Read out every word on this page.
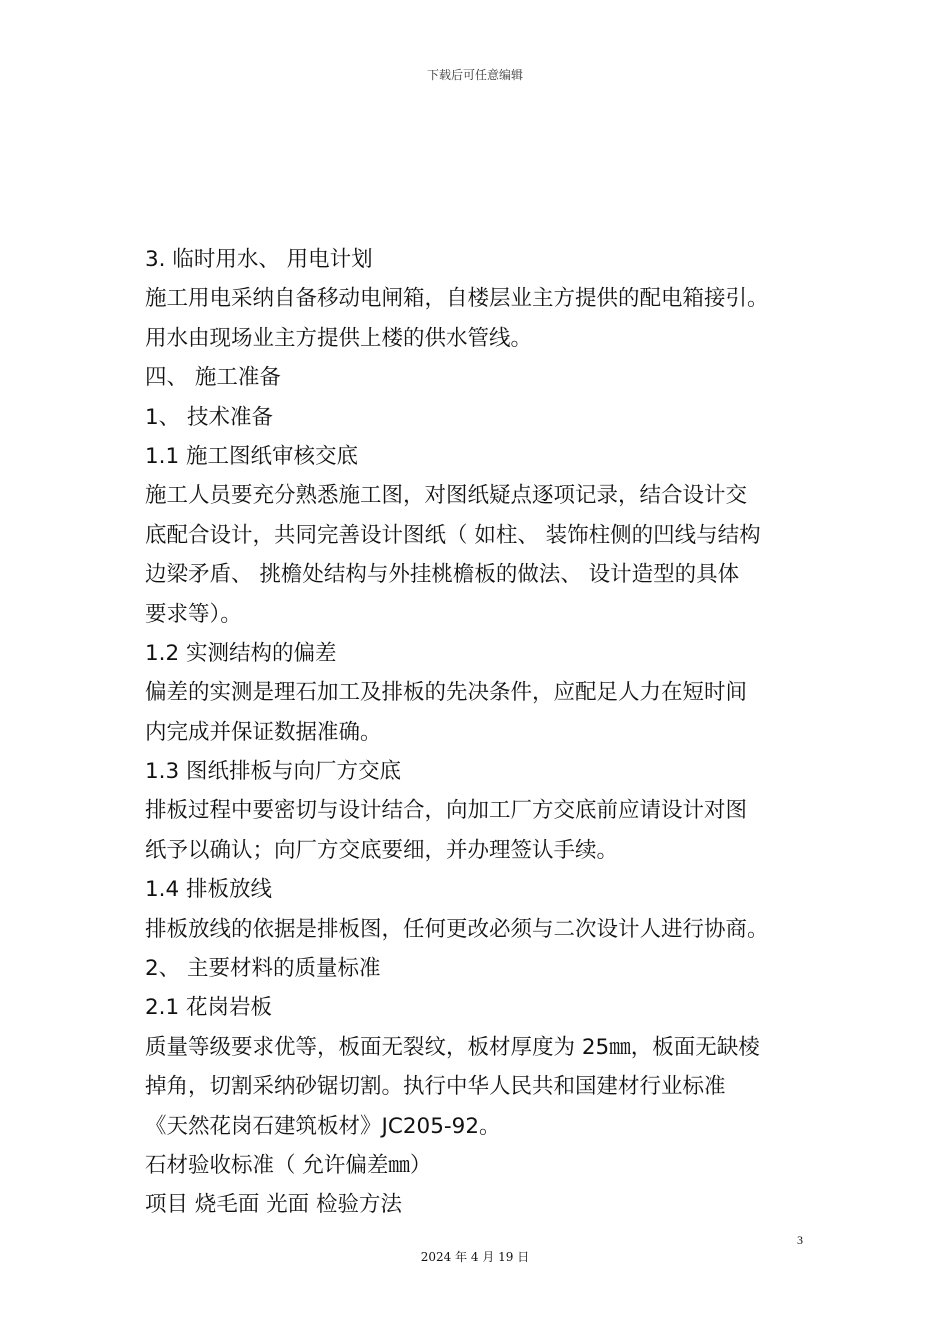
下载后可任意编辑
3. 临时用水、 用电计划
施工用电采纳自备移动电闸箱，自楼层业主方提供的配电箱接引。
用水由现场业主方提供上楼的供水管线。
四、 施工准备
1、 技术准备
1.1 施工图纸审核交底
施工人员要充分熟悉施工图，对图纸疑点逐项记录，结合设计交
底配合设计，共同完善设计图纸（ 如柱、 装饰柱侧的凹线与结构
边梁矛盾、 挑檐处结构与外挂桃檐板的做法、 设计造型的具体
要求等）。
1.2 实测结构的偏差
偏差的实测是理石加工及排板的先决条件，应配足人力在短时间
内完成并保证数据准确。
1.3 图纸排板与向厂方交底
排板过程中要密切与设计结合，向加工厂方交底前应请设计对图
纸予以确认；向厂方交底要细，并办理签认手续。
1.4 排板放线
排板放线的依据是排板图，任何更改必须与二次设计人进行协商。
2、 主要材料的质量标准
2.1 花岗岩板
质量等级要求优等，板面无裂纹，板材厚度为 25㎜，板面无缺棱
掉角，切割采纳砂锯切割。执行中华人民共和国建材行业标准
《天然花岗石建筑板材》JC205-92。
石材验收标准（ 允许偏差㎜）
项目 烧毛面 光面 检验方法
3
2024 年 4 月 19 日
